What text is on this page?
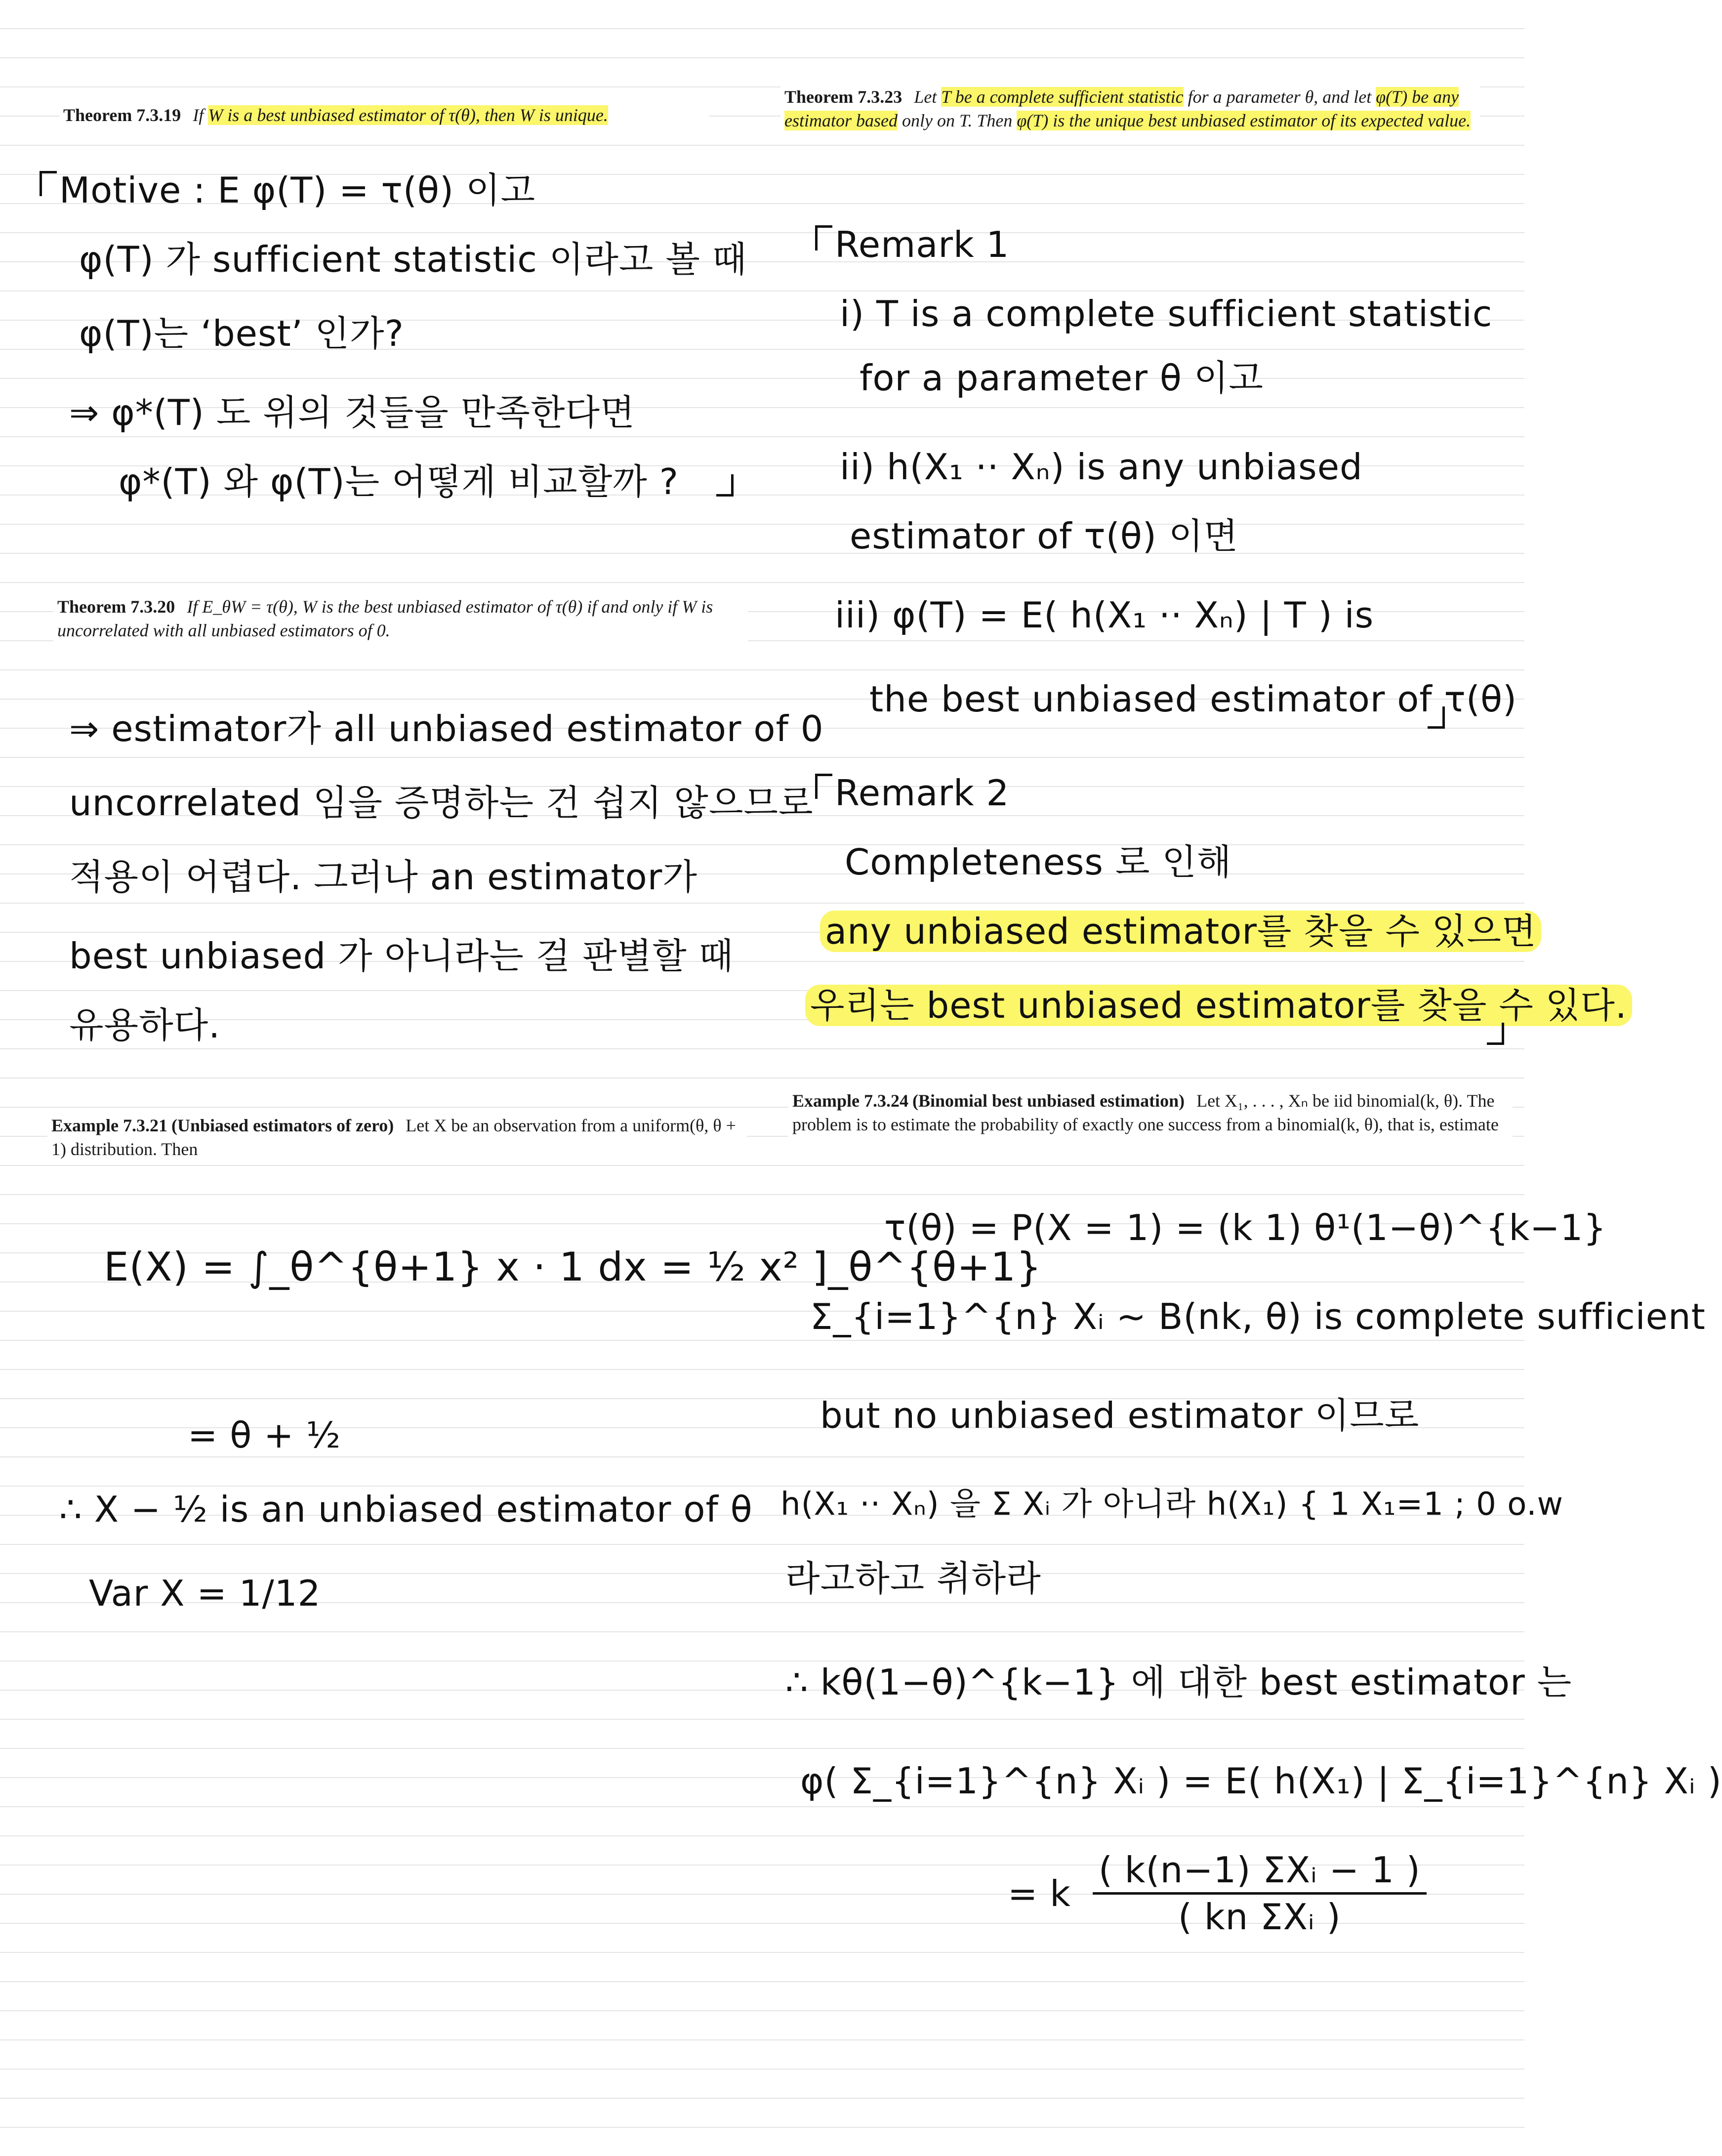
Theorem 7.3.19 If W is a best unbiased estimator of τ(θ), then W is unique.
Motive : E φ(T) = τ(θ) 이고
φ(T) 가 sufficient statistic 이라고 볼 때
φ(T)는 ‘best’ 인가?
⇒ φ*(T) 도 위의 것들을 만족한다면
φ*(T) 와 φ(T)는 어떻게 비교할까 ?
Theorem 7.3.20 If E_θW = τ(θ), W is the best unbiased estimator of τ(θ) if and only if W is uncorrelated with all unbiased estimators of 0.
⇒ estimator가 all unbiased estimator of 0
uncorrelated 임을 증명하는 건 쉽지 않으므로
적용이 어렵다. 그러나 an estimator가
best unbiased 가 아니라는 걸 판별할 때
유용하다.
Example 7.3.21 (Unbiased estimators of zero) Let X be an observation from a uniform(θ, θ + 1) distribution. Then
E(X) = ∫_θ^{θ+1} x · 1 dx = ½ x² ]_θ^{θ+1}
= θ + ½
∴ X − ½ is an unbiased estimator of θ
Var X = 1/12
Theorem 7.3.23 Let T be a complete sufficient statistic for a parameter θ, and let φ(T) be any estimator based only on T. Then φ(T) is the unique best unbiased estimator of its expected value.
Remark 1
i) T is a complete sufficient statistic
for a parameter θ 이고
ii) h(X₁ ·· Xₙ) is any unbiased
estimator of τ(θ) 이면
iii) φ(T) = E( h(X₁ ·· Xₙ) | T ) is
the best unbiased estimator of τ(θ)
Remark 2
Completeness 로 인해
any unbiased estimator를 찾을 수 있으면
우리는 best unbiased estimator를 찾을 수 있다.
Example 7.3.24 (Binomial best unbiased estimation) Let X₁, . . . , Xₙ be iid binomial(k, θ). The problem is to estimate the probability of exactly one success from a binomial(k, θ), that is, estimate
τ(θ) = P(X = 1) = (k 1) θ¹(1−θ)^{k−1}
Σ_{i=1}^{n} Xᵢ ~ B(nk, θ) is complete sufficient
but no unbiased estimator 이므로
h(X₁ ·· Xₙ) 을 Σ Xᵢ 가 아니라 h(X₁) { 1 X₁=1 ; 0 o.w
라고하고 취하라
∴ kθ(1−θ)^{k−1} 에 대한 best estimator 는
φ( Σ_{i=1}^{n} Xᵢ ) = E( h(X₁) | Σ_{i=1}^{n} Xᵢ )
= k $\frac{\text{( k(n−1) ΣXᵢ − 1 )}}{\text{( kn ΣXᵢ )}}$
